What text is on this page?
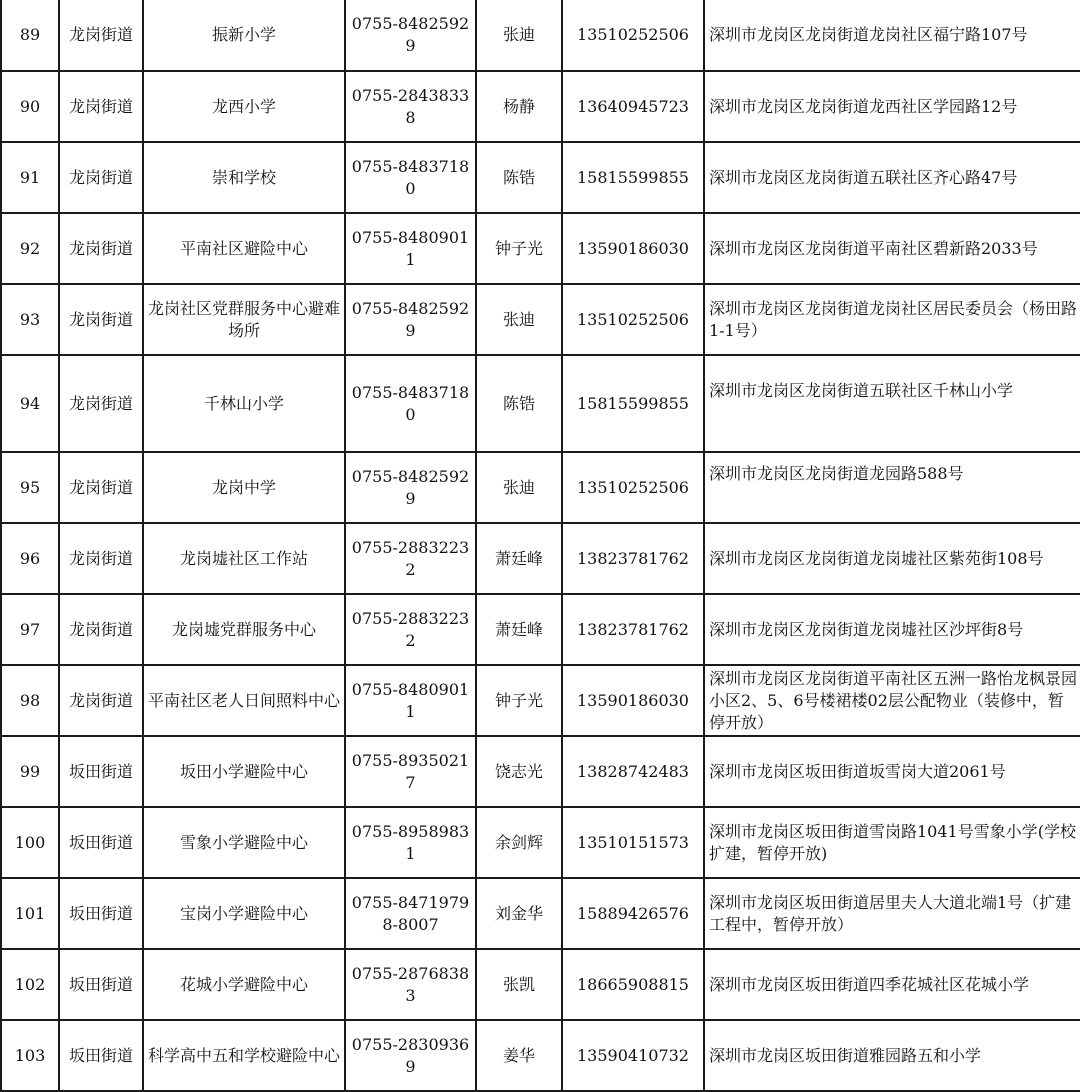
89	龙岗街道	振新小学	0755-84825929	张迪	13510252506	深圳市龙岗区龙岗街道龙岗社区福宁路107号
90	龙岗街道	龙西小学	0755-28438338	杨静	13640945723	深圳市龙岗区龙岗街道龙西社区学园路12号
91	龙岗街道	崇和学校	0755-84837180	陈锆	15815599855	深圳市龙岗区龙岗街道五联社区齐心路47号
92	龙岗街道	平南社区避险中心	0755-84809011	钟子光	13590186030	深圳市龙岗区龙岗街道平南社区碧新路2033号
93	龙岗街道	龙岗社区党群服务中心避难场所	0755-84825929	张迪	13510252506	深圳市龙岗区龙岗街道龙岗社区居民委员会（杨田路1-1号）
94	龙岗街道	千林山小学	0755-84837180	陈锆	15815599855	深圳市龙岗区龙岗街道五联社区千林山小学
95	龙岗街道	龙岗中学	0755-84825929	张迪	13510252506	深圳市龙岗区龙岗街道龙园路588号
96	龙岗街道	龙岗墟社区工作站	0755-28832232	萧廷峰	13823781762	深圳市龙岗区龙岗街道龙岗墟社区紫苑街108号
97	龙岗街道	龙岗墟党群服务中心	0755-28832232	萧廷峰	13823781762	深圳市龙岗区龙岗街道龙岗墟社区沙坪街8号
98	龙岗街道	平南社区老人日间照料中心	0755-84809011	钟子光	13590186030	深圳市龙岗区龙岗街道平南社区五洲一路怡龙枫景园小区2、5、6号楼裙楼02层公配物业（装修中，暂停开放）
99	坂田街道	坂田小学避险中心	0755-89350217	饶志光	13828742483	深圳市龙岗区坂田街道坂雪岗大道2061号
100	坂田街道	雪象小学避险中心	0755-89589831	余剑辉	13510151573	深圳市龙岗区坂田街道雪岗路1041号雪象小学(学校扩建，暂停开放)
101	坂田街道	宝岗小学避险中心	0755-84719798-8007	刘金华	15889426576	深圳市龙岗区坂田街道居里夫人大道北端1号（扩建工程中，暂停开放）
102	坂田街道	花城小学避险中心	0755-28768383	张凯	18665908815	深圳市龙岗区坂田街道四季花城社区花城小学
103	坂田街道	科学高中五和学校避险中心	0755-28309369	姜华	13590410732	深圳市龙岗区坂田街道雅园路五和小学
